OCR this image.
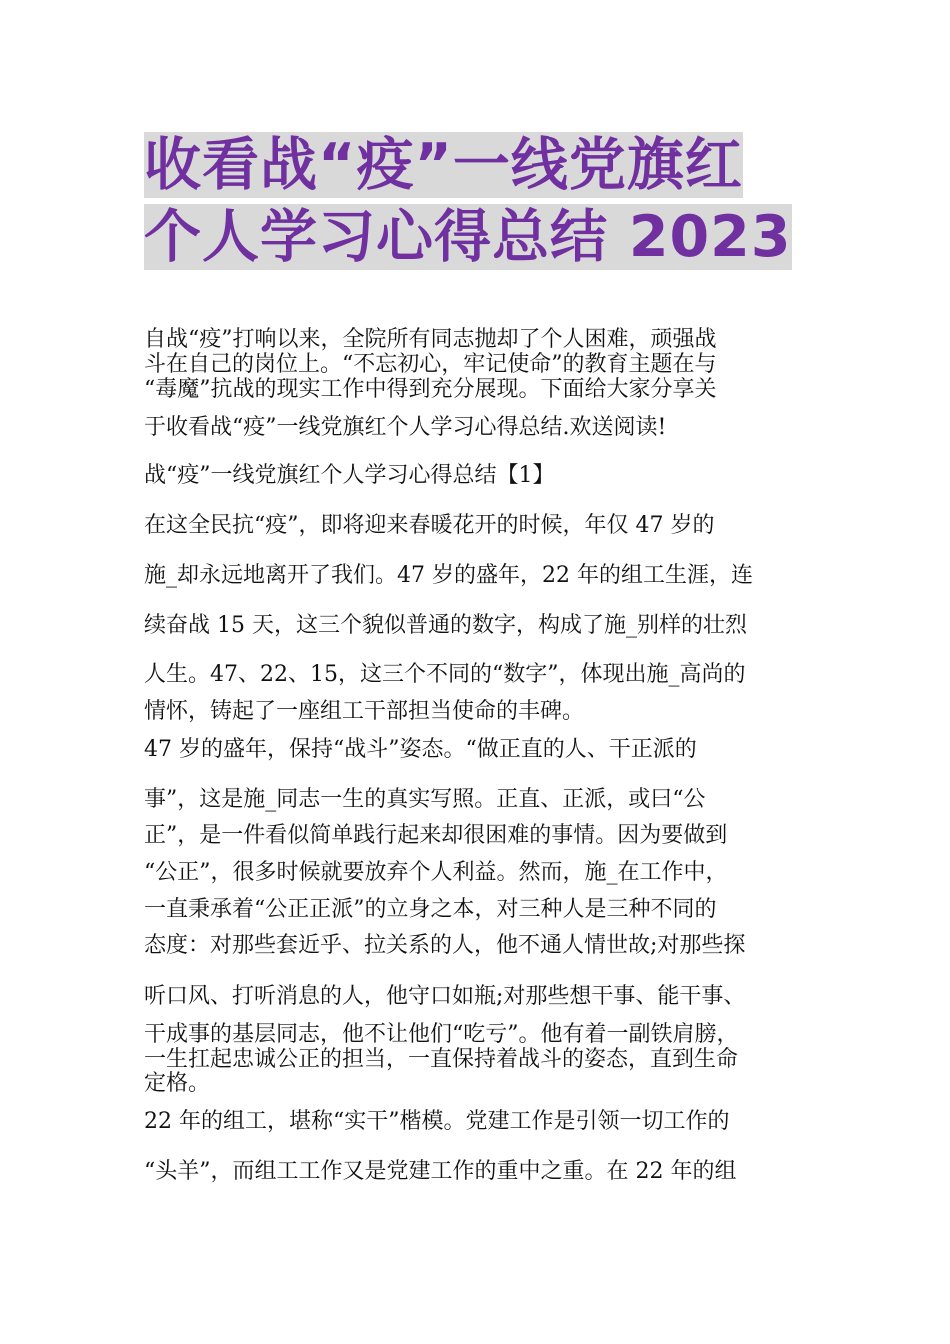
收看战“疫”一线党旗红
个人学习心得总结 2023
自战“疫”打响以来，全院所有同志抛却了个人困难，顽强战
斗在自己的岗位上。“不忘初心，牢记使命”的教育主题在与
“毒魔”抗战的现实工作中得到充分展现。下面给大家分享关
于收看战“疫”一线党旗红个人学习心得总结.欢送阅读!
战“疫”一线党旗红个人学习心得总结【1】
在这全民抗“疫”，即将迎来春暖花开的时候，年仅 47 岁的
施_却永远地离开了我们。47 岁的盛年，22 年的组工生涯，连
续奋战 15 天，这三个貌似普通的数字，构成了施_别样的壮烈
人生。47、22、15，这三个不同的“数字”，体现出施_高尚的
情怀，铸起了一座组工干部担当使命的丰碑。
47 岁的盛年，保持“战斗”姿态。“做正直的人、干正派的
事”，这是施_同志一生的真实写照。正直、正派，或曰“公
正”，是一件看似简单践行起来却很困难的事情。因为要做到
“公正”，很多时候就要放弃个人利益。然而，施_在工作中，
一直秉承着“公正正派”的立身之本，对三种人是三种不同的
态度：对那些套近乎、拉关系的人，他不通人情世故;对那些探
听口风、打听消息的人，他守口如瓶;对那些想干事、能干事、
干成事的基层同志，他不让他们“吃亏”。他有着一副铁肩膀，
一生扛起忠诚公正的担当，一直保持着战斗的姿态，直到生命
定格。
22 年的组工，堪称“实干”楷模。党建工作是引领一切工作的
“头羊”，而组工工作又是党建工作的重中之重。在 22 年的组
